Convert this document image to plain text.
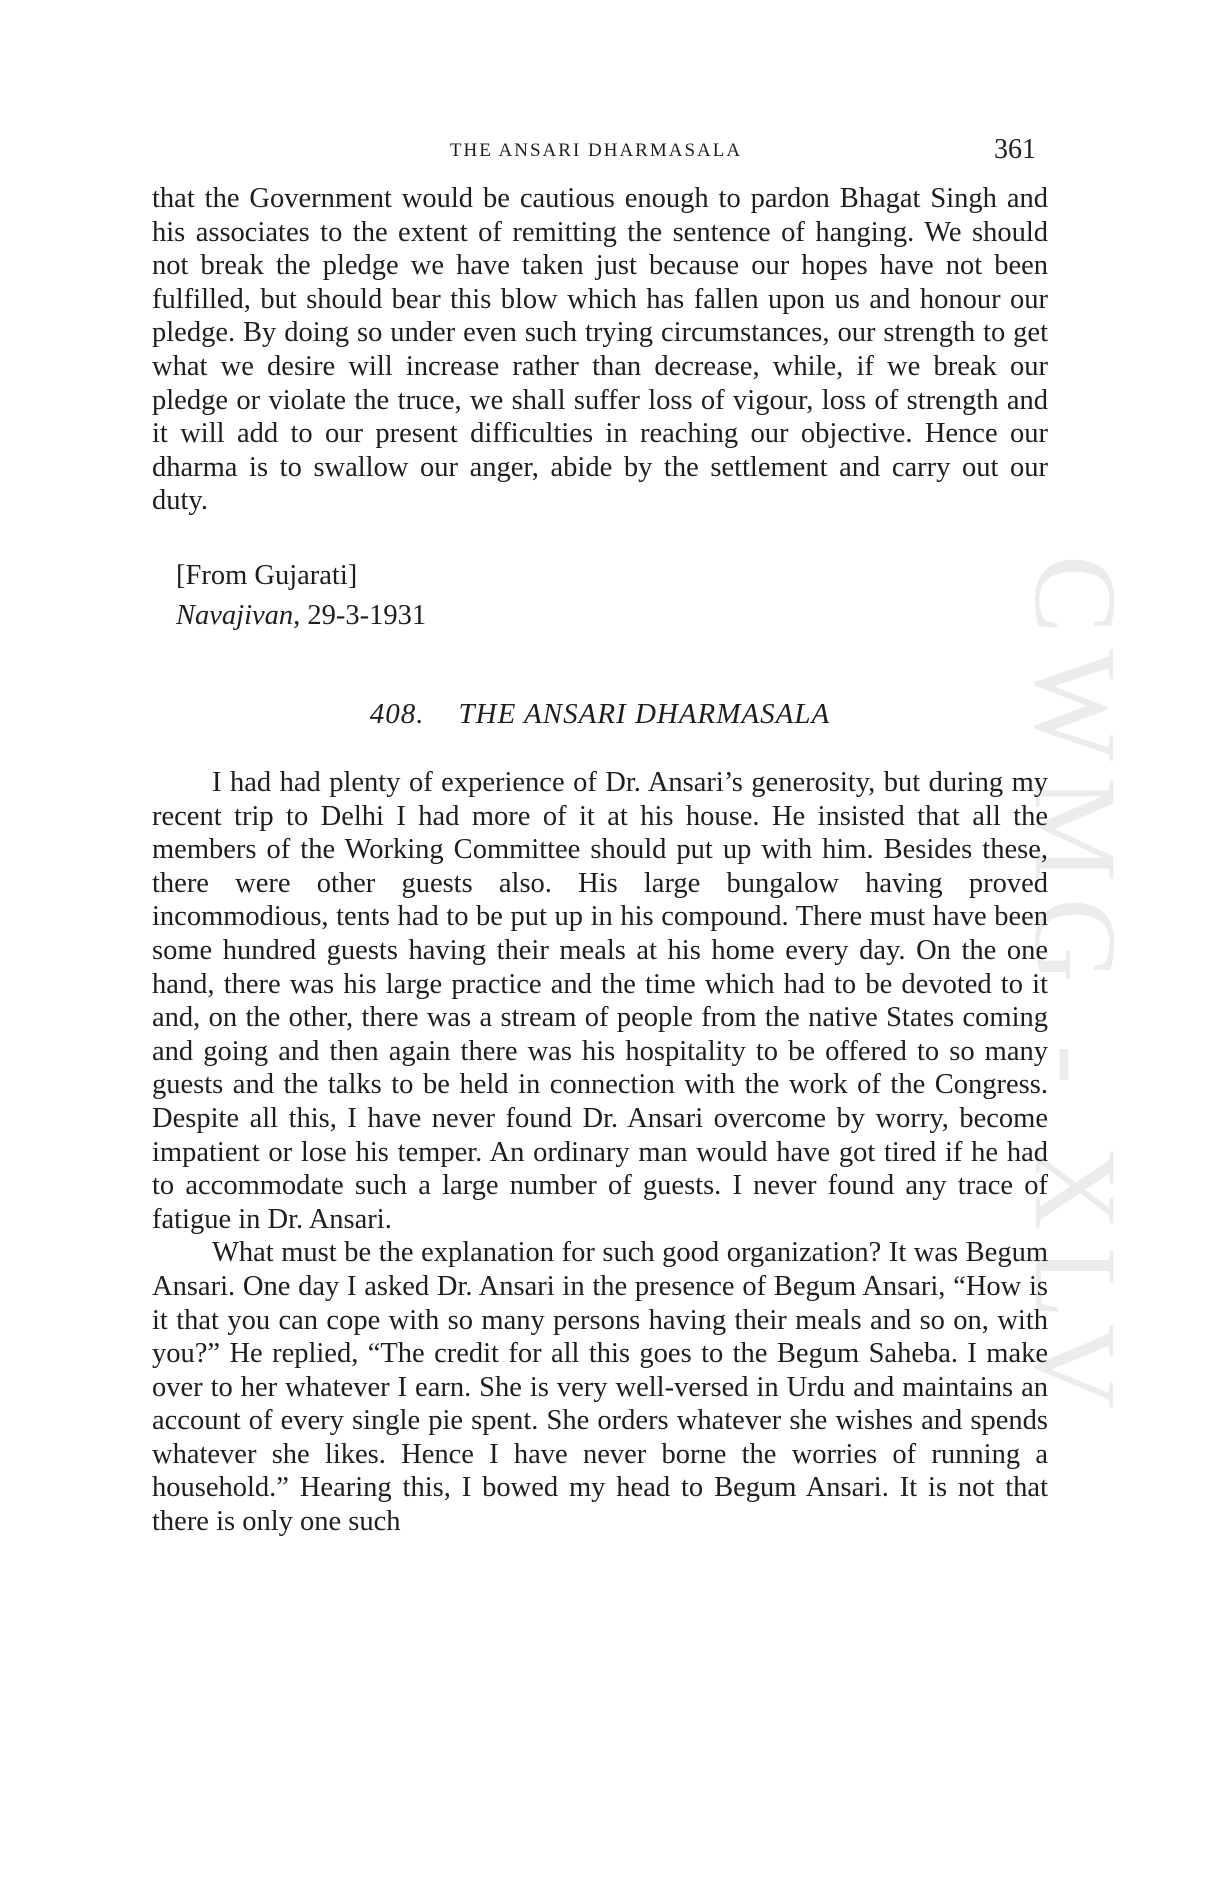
CWMG - XLV
THE ANSARI DHARMASALA	361

that the Government would be cautious enough to pardon Bhagat Singh and his associates to the extent of remitting the sentence of hanging. We should not break the pledge we have taken just because our hopes have not been fulfilled, but should bear this blow which has fallen upon us and honour our pledge. By doing so under even such trying circumstances, our strength to get what we desire will increase rather than decrease, while, if we break our pledge or violate the truce, we shall suffer loss of vigour, loss of strength and it will add to our present difficulties in reaching our objective. Hence our dharma is to swallow our anger, abide by the settlement and carry out our duty.

[From Gujarati]
Navajivan, 29-3-1931
408. THE ANSARI DHARMASALA

I had had plenty of experience of Dr. Ansari’s generosity, but during my recent trip to Delhi I had more of it at his house. He insisted that all the members of the Working Committee should put up with him. Besides these, there were other guests also. His large bungalow having proved incommodious, tents had to be put up in his compound. There must have been some hundred guests having their meals at his home every day. On the one hand, there was his large practice and the time which had to be devoted to it and, on the other, there was a stream of people from the native States coming and going and then again there was his hospitality to be offered to so many guests and the talks to be held in connection with the work of the Congress. Despite all this, I have never found Dr. Ansari overcome by worry, become impatient or lose his temper. An ordinary man would have got tired if he had to accommodate such a large number of guests. I never found any trace of fatigue in Dr. Ansari.

What must be the explanation for such good organization? It was Begum Ansari. One day I asked Dr. Ansari in the presence of Begum Ansari, “How is it that you can cope with so many persons having their meals and so on, with you?” He replied, “The credit for all this goes to the Begum Saheba. I make over to her whatever I earn. She is very well-versed in Urdu and maintains an account of every single pie spent. She orders whatever she wishes and spends whatever she likes. Hence I have never borne the worries of running a household.” Hearing this, I bowed my head to Begum Ansari. It is not that there is only one such
